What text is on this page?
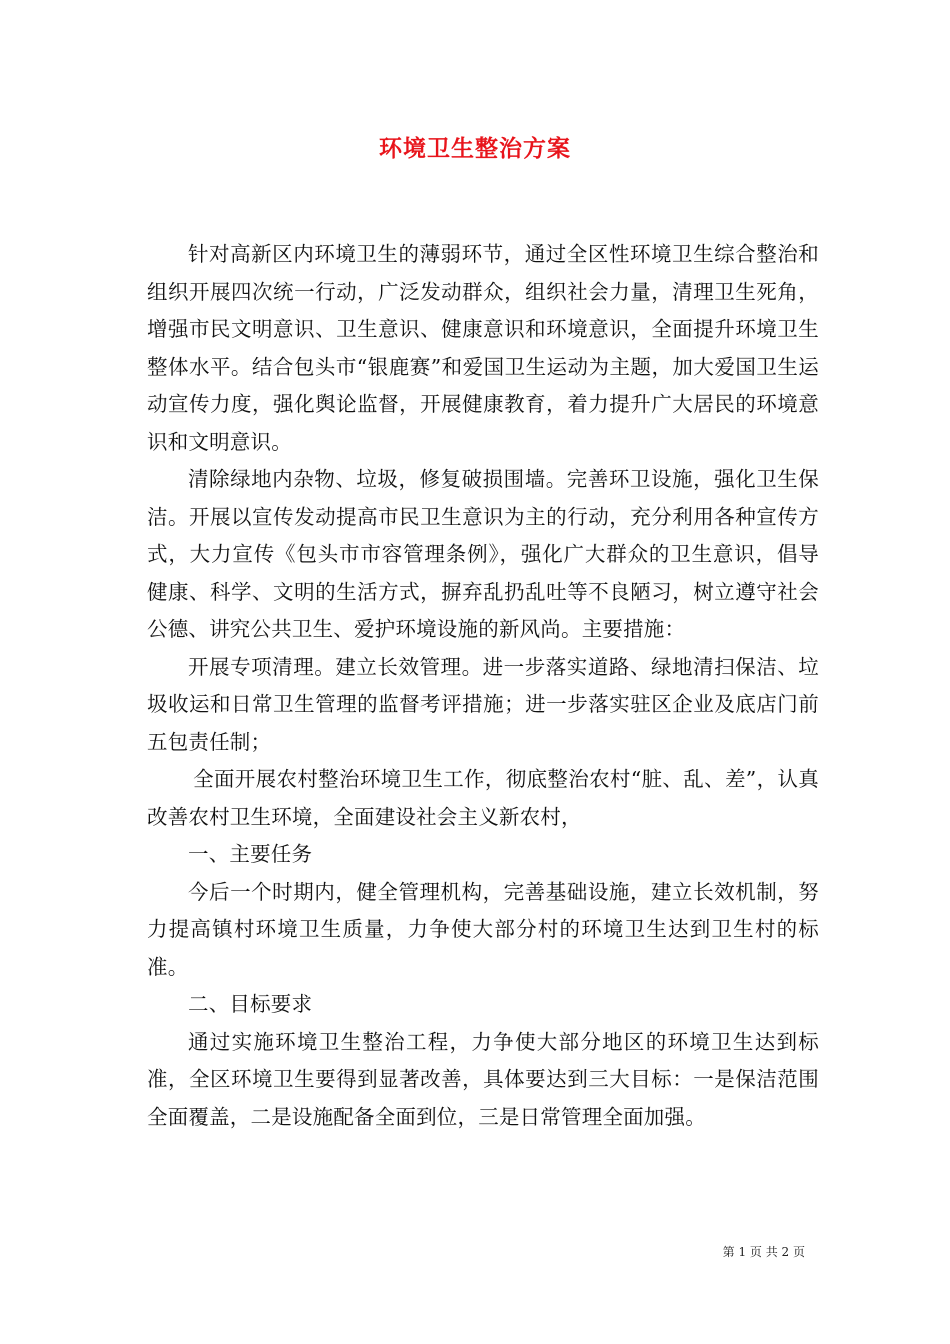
环境卫生整治方案

针对高新区内环境卫生的薄弱环节，通过全区性环境卫生综合整治和组织开展四次统一行动，广泛发动群众，组织社会力量，清理卫生死角，增强市民文明意识、卫生意识、健康意识和环境意识，全面提升环境卫生整体水平。结合包头市“银鹿赛”和爱国卫生运动为主题，加大爱国卫生运动宣传力度，强化舆论监督，开展健康教育，着力提升广大居民的环境意识和文明意识。

清除绿地内杂物、垃圾，修复破损围墙。完善环卫设施，强化卫生保洁。开展以宣传发动提高市民卫生意识为主的行动，充分利用各种宣传方式，大力宣传《包头市市容管理条例》，强化广大群众的卫生意识，倡导健康、科学、文明的生活方式，摒弃乱扔乱吐等不良陋习，树立遵守社会公德、讲究公共卫生、爱护环境设施的新风尚。主要措施：

开展专项清理。建立长效管理。进一步落实道路、绿地清扫保洁、垃圾收运和日常卫生管理的监督考评措施；进一步落实驻区企业及底店门前五包责任制；

全面开展农村整治环境卫生工作，彻底整治农村“脏、乱、差”，认真改善农村卫生环境，全面建设社会主义新农村，

一、主要任务

今后一个时期内，健全管理机构，完善基础设施，建立长效机制，努力提高镇村环境卫生质量，力争使大部分村的环境卫生达到卫生村的标准。

二、目标要求

通过实施环境卫生整治工程，力争使大部分地区的环境卫生达到标准，全区环境卫生要得到显著改善，具体要达到三大目标：一是保洁范围全面覆盖，二是设施配备全面到位，三是日常管理全面加强。

第 1 页 共 2 页
